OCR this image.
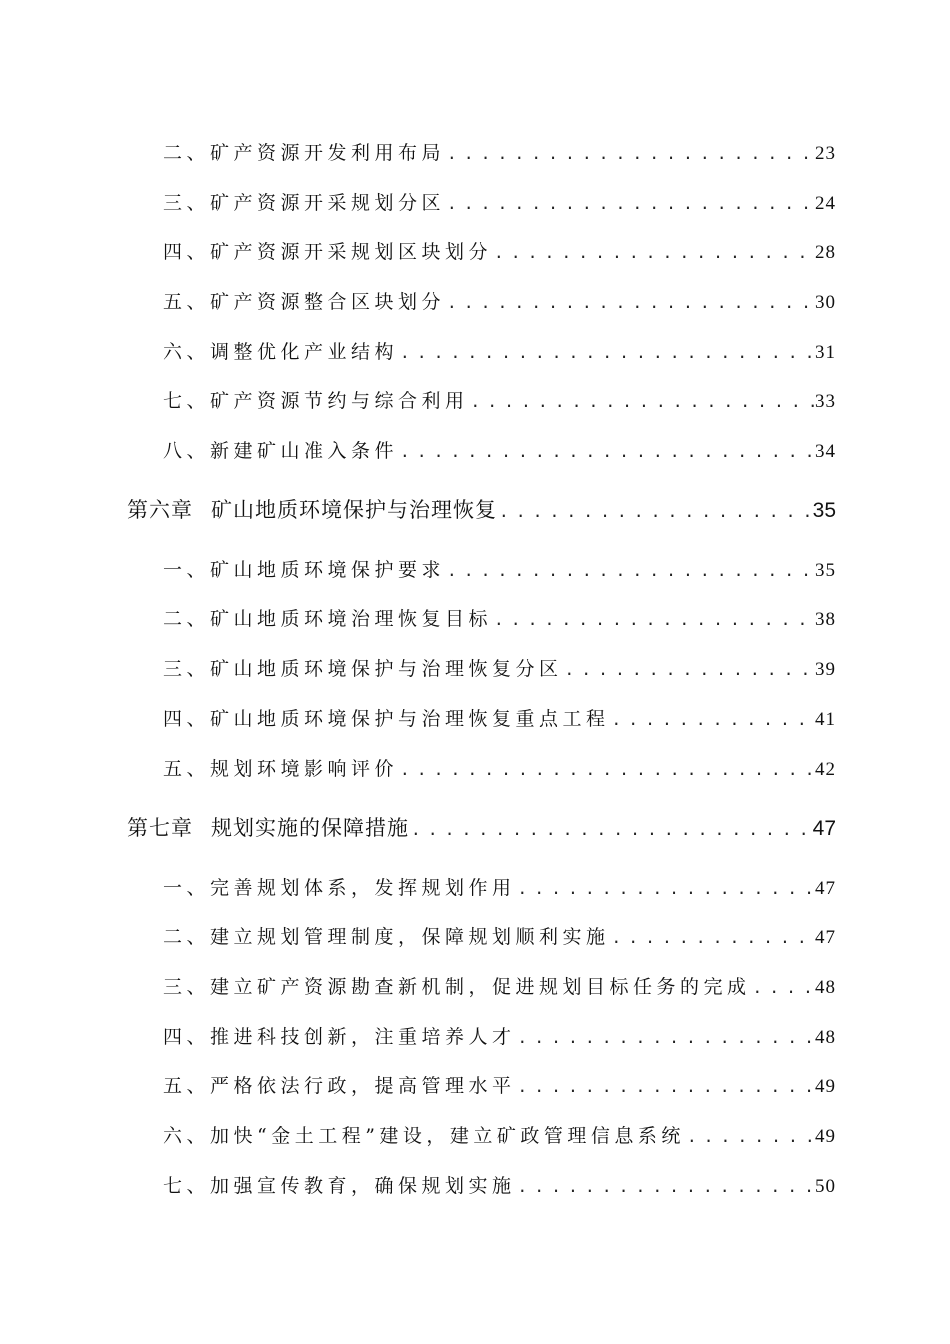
二、矿产资源开发利用布局 . . .	23
三、矿产资源开采规划分区 . . .	24
四、矿产资源开采规划区块划分 . . .	28
五、矿产资源整合区块划分 . . .	30
六、调整优化产业结构 . . .	31
七、矿产资源节约与综合利用 . . .	33
八、新建矿山准入条件 . . .	34
第六章 矿山地质环境保护与治理恢复 . . .	35
一、矿山地质环境保护要求 . . .	35
二、矿山地质环境治理恢复目标 . . .	38
三、矿山地质环境保护与治理恢复分区 . . .	39
四、矿山地质环境保护与治理恢复重点工程 . . .	41
五、规划环境影响评价 . . .	42
第七章 规划实施的保障措施 . . .	47
一、完善规划体系，发挥规划作用 . . .	47
二、建立规划管理制度，保障规划顺利实施 . . .	47
三、建立矿产资源勘查新机制，促进规划目标任务的完成 . . .	48
四、推进科技创新，注重培养人才 . . .	48
五、严格依法行政，提高管理水平 . . .	49
六、加快“金土工程”建设，建立矿政管理信息系统 . . .	49
七、加强宣传教育，确保规划实施 . . .	50
